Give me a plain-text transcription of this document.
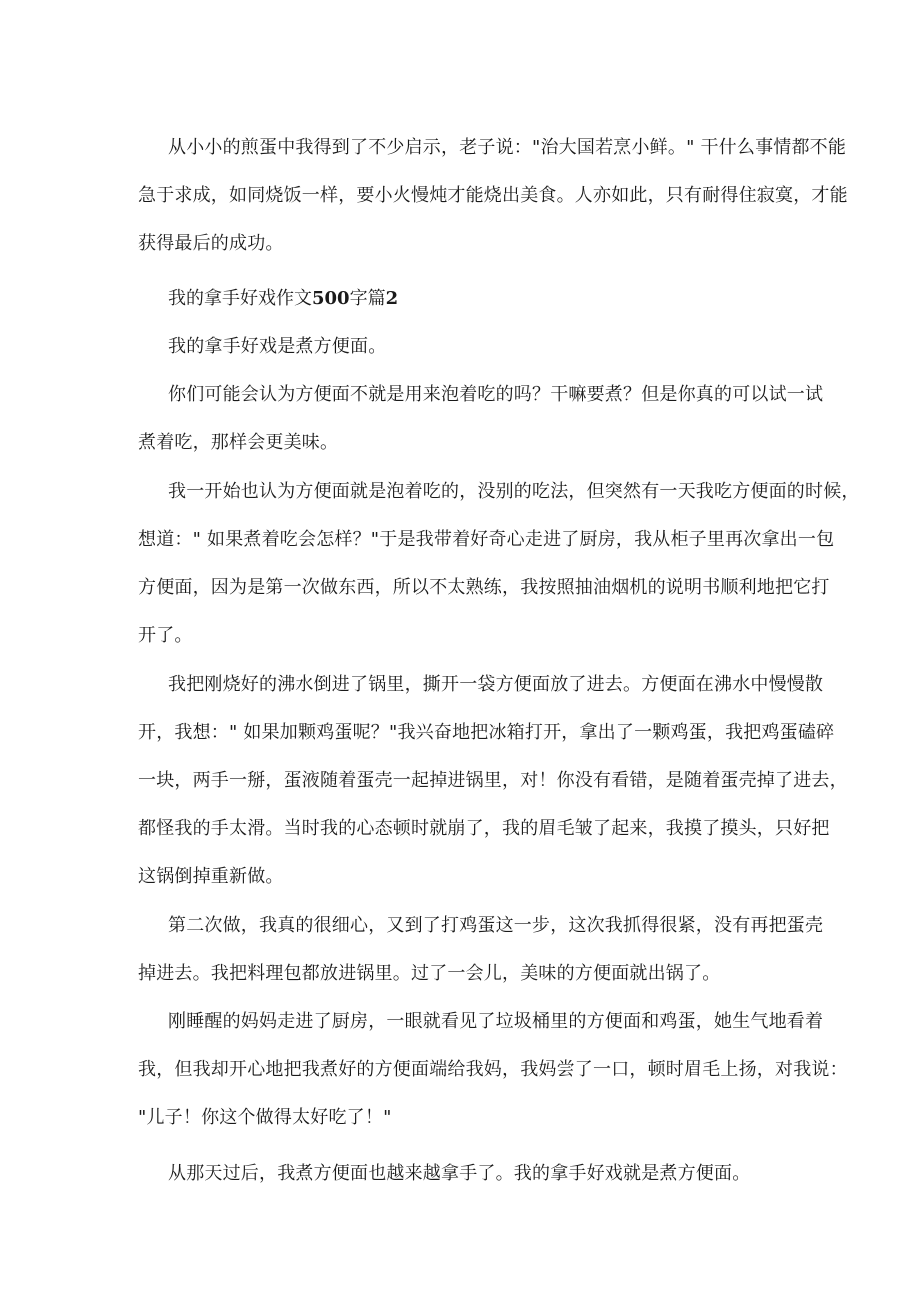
从小小的煎蛋中我得到了不少启示，老子说："治大国若烹小鲜。" 干什么事情都不能
急于求成，如同烧饭一样，要小火慢炖才能烧出美食。人亦如此，只有耐得住寂寞，才能
获得最后的成功。
我的拿手好戏作文500字篇2
我的拿手好戏是煮方便面。
你们可能会认为方便面不就是用来泡着吃的吗？干嘛要煮？但是你真的可以试一试
煮着吃，那样会更美味。
我一开始也认为方便面就是泡着吃的，没别的吃法，但突然有一天我吃方便面的时候，
想道：" 如果煮着吃会怎样？"于是我带着好奇心走进了厨房，我从柜子里再次拿出一包
方便面，因为是第一次做东西，所以不太熟练，我按照抽油烟机的说明书顺利地把它打
开了。
我把刚烧好的沸水倒进了锅里，撕开一袋方便面放了进去。方便面在沸水中慢慢散
开，我想：" 如果加颗鸡蛋呢？"我兴奋地把冰箱打开，拿出了一颗鸡蛋，我把鸡蛋磕碎
一块，两手一掰，蛋液随着蛋壳一起掉进锅里，对！你没有看错，是随着蛋壳掉了进去，
都怪我的手太滑。当时我的心态顿时就崩了，我的眉毛皱了起来，我摸了摸头，只好把
这锅倒掉重新做。
第二次做，我真的很细心，又到了打鸡蛋这一步，这次我抓得很紧，没有再把蛋壳
掉进去。我把料理包都放进锅里。过了一会儿，美味的方便面就出锅了。
刚睡醒的妈妈走进了厨房，一眼就看见了垃圾桶里的方便面和鸡蛋，她生气地看着
我，但我却开心地把我煮好的方便面端给我妈，我妈尝了一口，顿时眉毛上扬，对我说：
"儿子！你这个做得太好吃了！"
从那天过后，我煮方便面也越来越拿手了。我的拿手好戏就是煮方便面。
